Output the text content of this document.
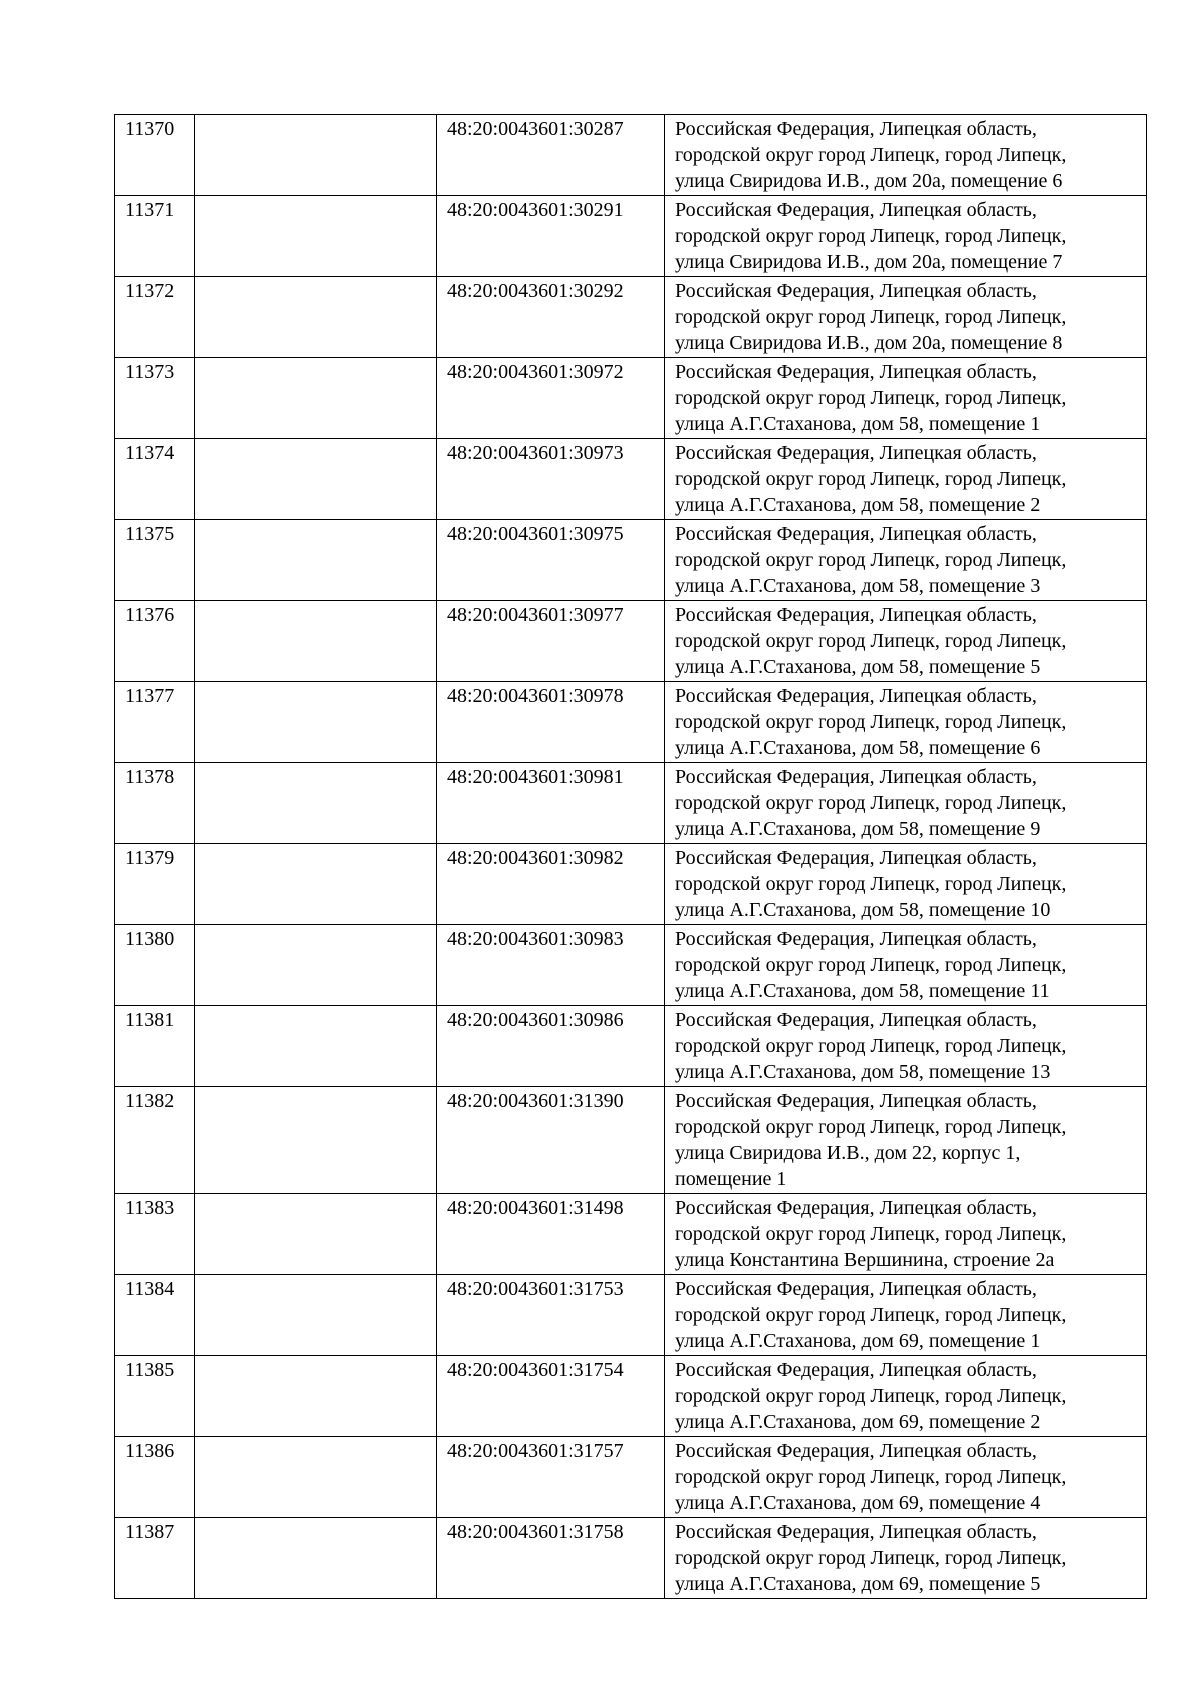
11370		48:20:0043601:30287	Российская Федерация, Липецкая область,
городской округ город Липецк, город Липецк,
улица Свиридова И.В., дом 20а, помещение 6

11371		48:20:0043601:30291	Российская Федерация, Липецкая область,
городской округ город Липецк, город Липецк,
улица Свиридова И.В., дом 20а, помещение 7

11372		48:20:0043601:30292	Российская Федерация, Липецкая область,
городской округ город Липецк, город Липецк,
улица Свиридова И.В., дом 20а, помещение 8

11373		48:20:0043601:30972	Российская Федерация, Липецкая область,
городской округ город Липецк, город Липецк,
улица А.Г.Стаханова, дом 58, помещение 1

11374		48:20:0043601:30973	Российская Федерация, Липецкая область,
городской округ город Липецк, город Липецк,
улица А.Г.Стаханова, дом 58, помещение 2

11375		48:20:0043601:30975	Российская Федерация, Липецкая область,
городской округ город Липецк, город Липецк,
улица А.Г.Стаханова, дом 58, помещение 3

11376		48:20:0043601:30977	Российская Федерация, Липецкая область,
городской округ город Липецк, город Липецк,
улица А.Г.Стаханова, дом 58, помещение 5

11377		48:20:0043601:30978	Российская Федерация, Липецкая область,
городской округ город Липецк, город Липецк,
улица А.Г.Стаханова, дом 58, помещение 6

11378		48:20:0043601:30981	Российская Федерация, Липецкая область,
городской округ город Липецк, город Липецк,
улица А.Г.Стаханова, дом 58, помещение 9

11379		48:20:0043601:30982	Российская Федерация, Липецкая область,
городской округ город Липецк, город Липецк,
улица А.Г.Стаханова, дом 58, помещение 10

11380		48:20:0043601:30983	Российская Федерация, Липецкая область,
городской округ город Липецк, город Липецк,
улица А.Г.Стаханова, дом 58, помещение 11

11381		48:20:0043601:30986	Российская Федерация, Липецкая область,
городской округ город Липецк, город Липецк,
улица А.Г.Стаханова, дом 58, помещение 13

11382		48:20:0043601:31390	Российская Федерация, Липецкая область,
городской округ город Липецк, город Липецк,
улица Свиридова И.В., дом 22, корпус 1,
помещение 1

11383		48:20:0043601:31498	Российская Федерация, Липецкая область,
городской округ город Липецк, город Липецк,
улица Константина Вершинина, строение 2а

11384		48:20:0043601:31753	Российская Федерация, Липецкая область,
городской округ город Липецк, город Липецк,
улица А.Г.Стаханова, дом 69, помещение 1

11385		48:20:0043601:31754	Российская Федерация, Липецкая область,
городской округ город Липецк, город Липецк,
улица А.Г.Стаханова, дом 69, помещение 2

11386		48:20:0043601:31757	Российская Федерация, Липецкая область,
городской округ город Липецк, город Липецк,
улица А.Г.Стаханова, дом 69, помещение 4

11387		48:20:0043601:31758	Российская Федерация, Липецкая область,
городской округ город Липецк, город Липецк,
улица А.Г.Стаханова, дом 69, помещение 5
